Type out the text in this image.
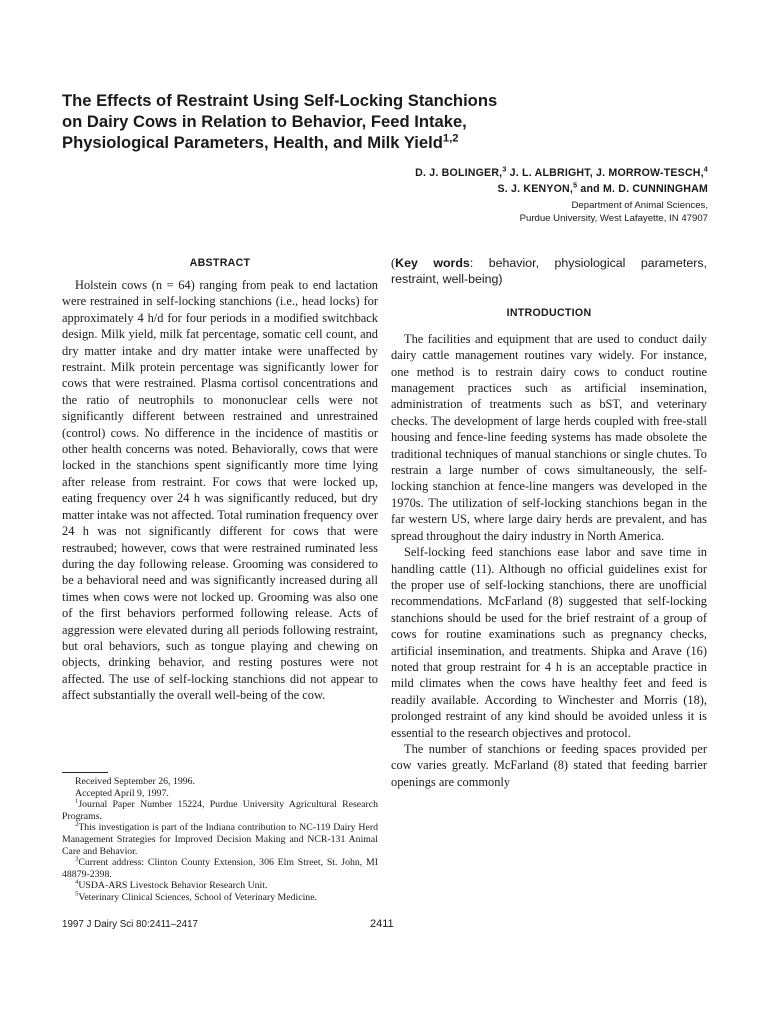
The Effects of Restraint Using Self-Locking Stanchions
on Dairy Cows in Relation to Behavior, Feed Intake,
Physiological Parameters, Health, and Milk Yield$^{1,2}$
D. J. BOLINGER,$^3$ J. L. ALBRIGHT, J. MORROW-TESCH,$^4$
S. J. KENYON,$^5$ and M. D. CUNNINGHAM
Department of Animal Sciences,
Purdue University, West Lafayette, IN 47907
ABSTRACT

Holstein cows (n = 64) ranging from peak to end lactation were restrained in self-locking stanchions (i.e., head locks) for approximately 4 h/d for four periods in a modified switchback design. Milk yield, milk fat percentage, somatic cell count, and dry matter intake and dry matter intake were unaffected by restraint. Milk protein percentage was significantly lower for cows that were restrained. Plasma cortisol concentrations and the ratio of neutrophils to mononuclear cells were not significantly different between restrained and unrestrained (control) cows. No difference in the incidence of mastitis or other health concerns was noted. Behaviorally, cows that were locked in the stanchions spent significantly more time lying after release from restraint. For cows that were locked up, eating frequency over 24 h was significantly reduced, but dry matter intake was not affected. Total rumination frequency over 24 h was not significantly different for cows that were restraubed; however, cows that were restrained ruminated less during the day following release. Grooming was considered to be a behavioral need and was significantly increased during all times when cows were not locked up. Grooming was also one of the first behaviors performed following release. Acts of aggression were elevated during all periods following restraint, but oral behaviors, such as tongue playing and chewing on objects, drinking behavior, and resting postures were not affected. The use of self-locking stanchions did not appear to affect substantially the overall well-being of the cow.

(Key words: behavior, physiological parameters, restraint, well-being)

INTRODUCTION

The facilities and equipment that are used to conduct daily dairy cattle management routines vary widely. For instance, one method is to restrain dairy cows to conduct routine management practices such as artificial insemination, administration of treatments such as bST, and veterinary checks. The development of large herds coupled with free-stall housing and fence-line feeding systems has made obsolete the traditional techniques of manual stanchions or single chutes. To restrain a large number of cows simultaneously, the self-locking stanchion at fence-line mangers was developed in the 1970s. The utilization of self-locking stanchions began in the far western US, where large dairy herds are prevalent, and has spread throughout the dairy industry in North America.

Self-locking feed stanchions ease labor and save time in handling cattle (11). Although no official guidelines exist for the proper use of self-locking stanchions, there are unofficial recommendations. McFarland (8) suggested that self-locking stanchions should be used for the brief restraint of a group of cows for routine examinations such as pregnancy checks, artificial insemination, and treatments. Shipka and Arave (16) noted that group restraint for 4 h is an acceptable practice in mild climates when the cows have healthy feet and feed is readily available. According to Winchester and Morris (18), prolonged restraint of any kind should be avoided unless it is essential to the research objectives and protocol.

The number of stanchions or feeding spaces provided per cow varies greatly. McFarland (8) stated that feeding barrier openings are commonly

Received September 26, 1996.

Accepted April 9, 1997.

$^1$Journal Paper Number 15224, Purdue University Agricultural Research Programs.

$^2$This investigation is part of the Indiana contribution to NC-119 Dairy Herd Management Strategies for Improved Decision Making and NCR-131 Animal Care and Behavior.

$^3$Current address: Clinton County Extension, 306 Elm Street, St. John, MI 48879-2398.

$^4$USDA-ARS Livestock Behavior Research Unit.

$^5$Veterinary Clinical Sciences, School of Veterinary Medicine.

1997 J Dairy Sci 80:2411–2417	2411
